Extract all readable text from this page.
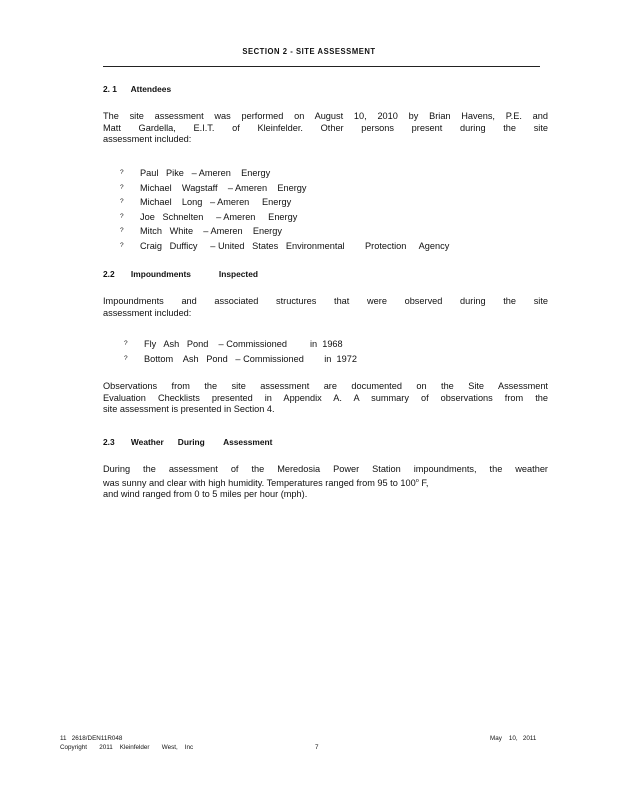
SECTION 2 - SITE ASSESSMENT
2. 1      Attendees
The site assessment was performed on August 10, 2010 by Brian Havens, P.E. and
Matt Gardella, E.I.T. of Kleinfelder. Other persons present during the site
assessment included:
? Paul   Pike   – Ameren    Energy
? Michael    Wagstaff    – Ameren    Energy
? Michael    Long   – Ameren     Energy
? Joe   Schnelten     – Ameren     Energy
? Mitch   White    – Ameren    Energy
? Craig   Dufficy     – United   States   Environmental        Protection     Agency
2.2       Impoundments            Inspected
Impoundments and associated structures that were observed during the site
assessment included:
? Fly   Ash   Pond    – Commissioned         in  1968
? Bottom    Ash   Pond   – Commissioned        in  1972
Observations from the site assessment are documented on the Site Assessment
Evaluation Checklists presented in Appendix A. A summary of observations from the
site assessment is presented in Section 4.
2.3       Weather      During        Assessment
During the assessment of the Meredosia Power Station impoundments, the weather
was sunny and clear with high humidity. Temperatures ranged from 95 to 100$^o$ F,
and wind ranged from 0 to 5 miles per hour (mph).
11   2618/DEN11R048
Copyright       2011    Kleinfelder       West,    Inc	7
May    10,   2011
